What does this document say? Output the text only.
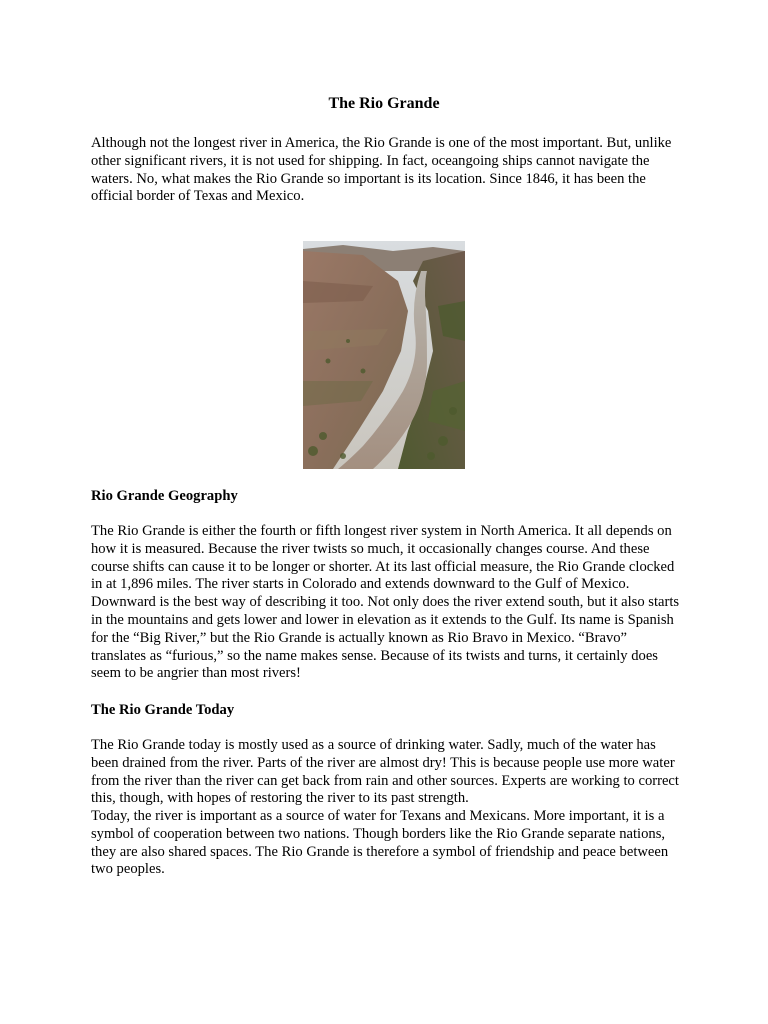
The Rio Grande

Although not the longest river in America, the Rio Grande is one of the most important. But, unlike other significant rivers, it is not used for shipping. In fact, oceangoing ships cannot navigate the waters. No, what makes the Rio Grande so important is its location. Since 1846, it has been the official border of Texas and Mexico.

Rio Grande Geography

The Rio Grande is either the fourth or fifth longest river system in North America. It all depends on how it is measured. Because the river twists so much, it occasionally changes course. And these course shifts can cause it to be longer or shorter. At its last official measure, the Rio Grande clocked in at 1,896 miles. The river starts in Colorado and extends downward to the Gulf of Mexico. Downward is the best way of describing it too. Not only does the river extend south, but it also starts in the mountains and gets lower and lower in elevation as it extends to the Gulf. Its name is Spanish for the “Big River,” but the Rio Grande is actually known as Rio Bravo in Mexico. “Bravo” translates as “furious,” so the name makes sense. Because of its twists and turns, it certainly does seem to be angrier than most rivers!

The Rio Grande Today

The Rio Grande today is mostly used as a source of drinking water. Sadly, much of the water has been drained from the river. Parts of the river are almost dry! This is because people use more water from the river than the river can get back from rain and other sources. Experts are working to correct this, though, with hopes of restoring the river to its past strength.

Today, the river is important as a source of water for Texans and Mexicans. More important, it is a symbol of cooperation between two nations. Though borders like the Rio Grande separate nations, they are also shared spaces. The Rio Grande is therefore a symbol of friendship and peace between two peoples.
